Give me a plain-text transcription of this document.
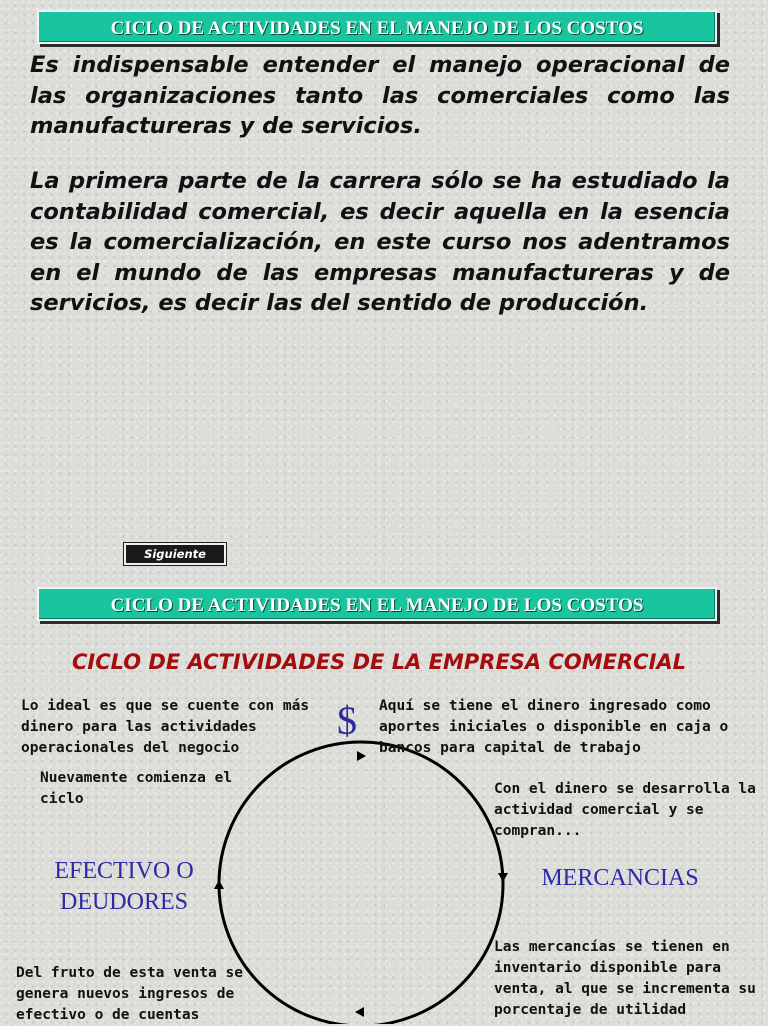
CICLO DE ACTIVIDADES EN EL MANEJO DE LOS COSTOS

Es indispensable entender el manejo operacional de las organizaciones tanto las comerciales como las manufactureras y de servicios.

La primera parte de la carrera sólo se ha estudiado la contabilidad comercial, es decir aquella en la esencia es la comercialización, en este curso nos adentramos en el mundo de las empresas manufactureras y de servicios, es decir las del sentido de producción.

Siguiente
CICLO DE ACTIVIDADES EN EL MANEJO DE LOS COSTOS
CICLO DE ACTIVIDADES DE LA EMPRESA COMERCIAL
$

Lo ideal es que se cuente con más dinero para las actividades operacionales del negocio

Aquí se tiene el dinero ingresado como aportes iniciales o disponible en caja o bancos para capital de trabajo

Nuevamente comienza el ciclo

Con el dinero se desarrolla la actividad comercial y se compran...

Las mercancías se tienen en inventario disponible para venta, al que se incrementa su porcentaje de utilidad

Del fruto de esta venta se genera nuevos ingresos de efectivo o de cuentas

EFECTIVO O DEUDORES

MERCANCIAS
